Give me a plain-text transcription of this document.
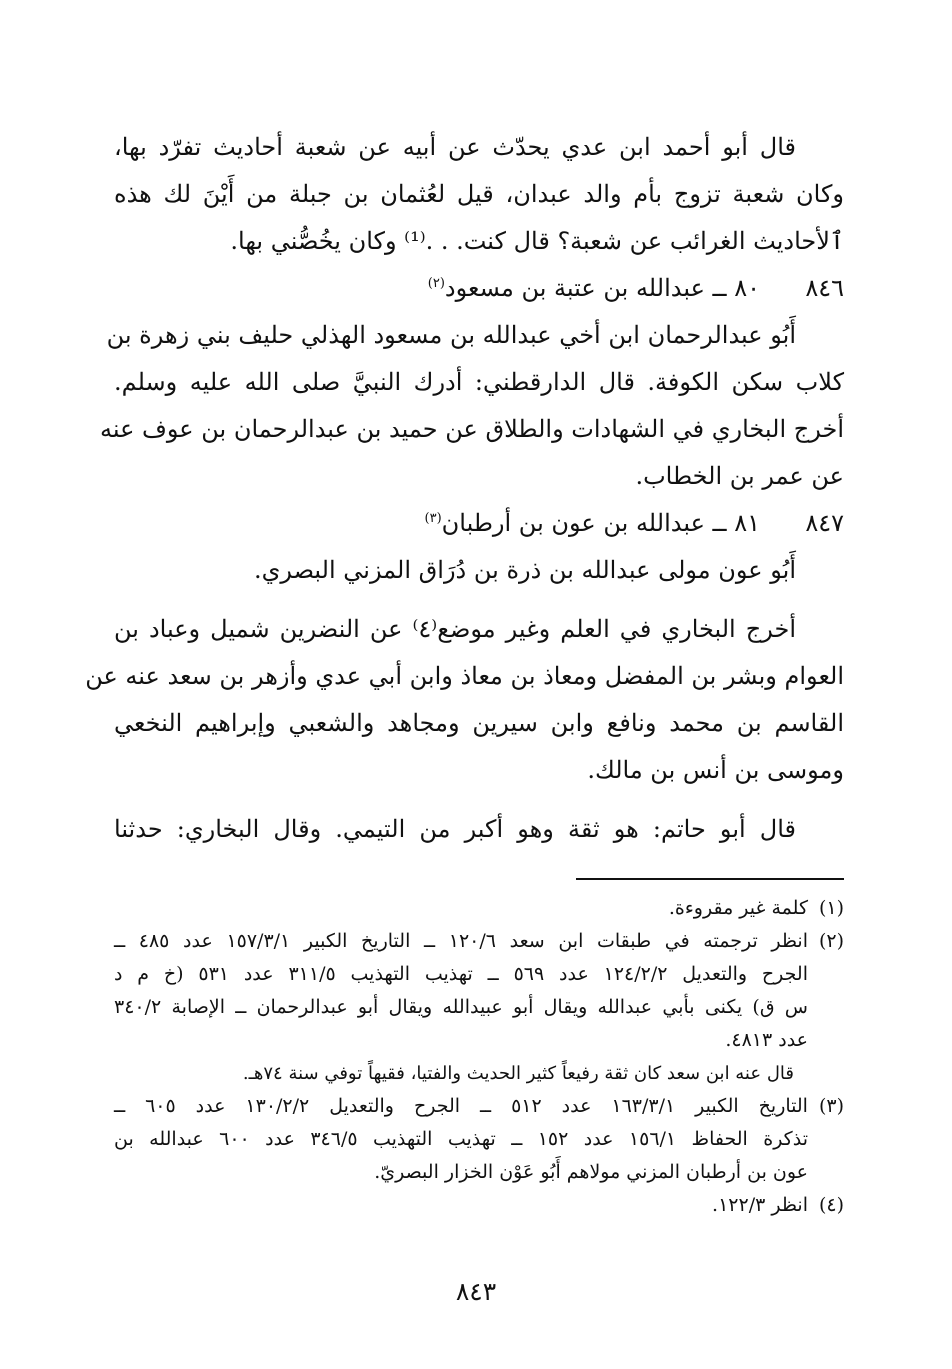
قال أبو أحمد ابن عدي يحدّث عن أبيه عن شعبة أحاديث تفرّد بها،
وكان شعبة تزوج بأم والد عبدان، قيل لعُثمان بن جبلة من أَيْنَ لك هذه
ٱلأحاديث الغرائب عن شعبة؟ قال كنت. . .⁽¹⁾ وكان يخُصُّني بها.
٨٤٦
٨٠ ــ عبدالله بن عتبة بن مسعود$^{(٢)}$
أَبُو عبدالرحمان ابن أخي عبدالله بن مسعود الهذلي حليف بني زهرة بن
كلاب سكن الكوفة. قال الدارقطني: أدرك النبيَّ صلى الله عليه وسلم.
أخرج البخاري في الشهادات والطلاق عن حميد بن عبدالرحمان بن عوف عنه
عن عمر بن الخطاب.
٨٤٧
٨١ ــ عبدالله بن عون بن أرطبان$^{(٣)}$
أَبُو عون مولى عبدالله بن ذرة بن دُرَاق المزني البصري.
أخرج البخاري في العلم وغير موضع⁽٤⁾ عن النضرين شميل وعباد بن
العوام وبشر بن المفضل ومعاذ بن معاذ وابن أبي عدي وأزهر بن سعد عنه عن
القاسم بن محمد ونافع وابن سيرين ومجاهد والشعبي وإبراهيم النخعي
وموسى بن أنس بن مالك.
قال أبو حاتم: هو ثقة وهو أكبر من التيمي. وقال البخاري: حدثنا
(١)
كلمة غير مقروءة.
(٢)
انظر ترجمته في طبقات ابن سعد ١٢٠/٦ ــ التاريخ الكبير ١٥٧/٣/١ عدد ٤٨٥ ــ
الجرح والتعديل ١٢٤/٢/٢ عدد ٥٦٩ ــ تهذيب التهذيب ٣١١/٥ عدد ٥٣١ (خ م د
س ق) يكنى بأبي عبدالله ويقال أبو عبيدالله ويقال أبو عبدالرحمان ــ الإصابة ٣٤٠/٢
عدد ٤٨١٣.
قال عنه ابن سعد كان ثقة رفيعاً كثير الحديث والفتيا، فقيهاً توفي سنة ٧٤هـ.
(٣)
التاريخ الكبير ١٦٣/٣/١ عدد ٥١٢ ــ الجرح والتعديل ١٣٠/٢/٢ عدد ٦٠٥ ــ
تذكرة الحفاظ ١٥٦/١ عدد ١٥٢ ــ تهذيب التهذيب ٣٤٦/٥ عدد ٦٠٠ عبدالله بن
عون بن أرطبان المزني مولاهم أَبُو عَوْن الخزار البصريّ.
(٤)
انظر ١٢٢/٣.
٨٤٣
